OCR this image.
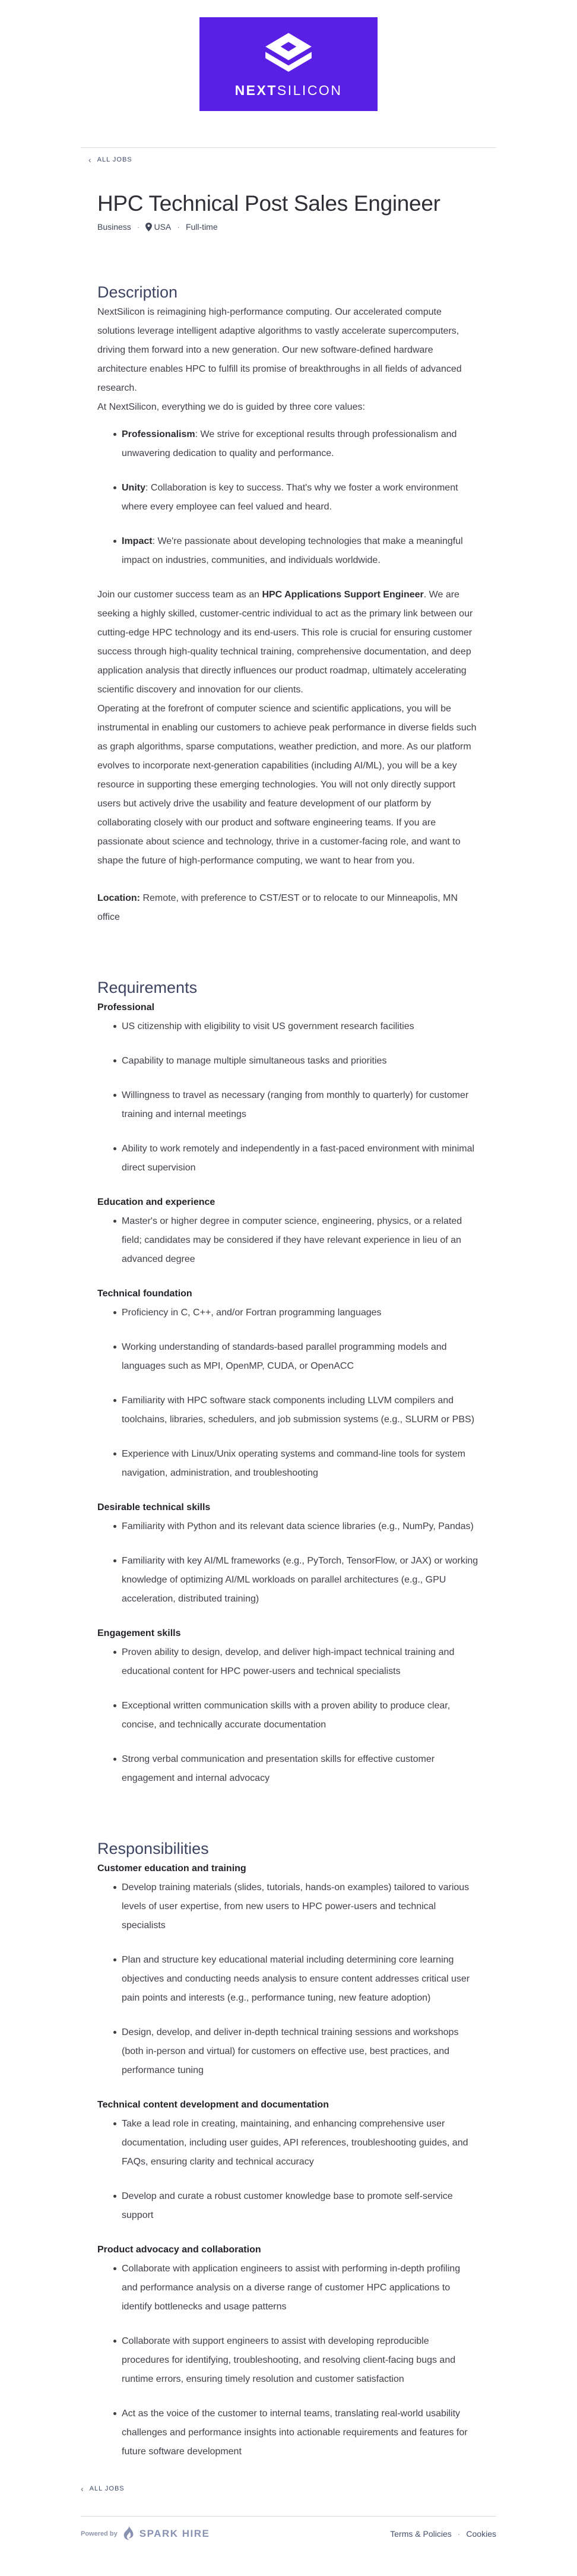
NEXTSILICON
‹ ALL JOBS
HPC Technical Post Sales Engineer
Business · USA · Full-time
Description

NextSilicon is reimagining high-performance computing. Our accelerated compute solutions leverage intelligent adaptive algorithms to vastly accelerate supercomputers, driving them forward into a new generation. Our new software-defined hardware architecture enables HPC to fulfill its promise of breakthroughs in all fields of advanced research.

At NextSilicon, everything we do is guided by three core values:

Professionalism: We strive for exceptional results through professionalism and unwavering dedication to quality and performance.
Unity: Collaboration is key to success. That's why we foster a work environment where every employee can feel valued and heard.
Impact: We're passionate about developing technologies that make a meaningful impact on industries, communities, and individuals worldwide.

Join our customer success team as an HPC Applications Support Engineer. We are seeking a highly skilled, customer-centric individual to act as the primary link between our cutting-edge HPC technology and its end-users. This role is crucial for ensuring customer success through high-quality technical training, comprehensive documentation, and deep application analysis that directly influences our product roadmap, ultimately accelerating scientific discovery and innovation for our clients.

Operating at the forefront of computer science and scientific applications, you will be instrumental in enabling our customers to achieve peak performance in diverse fields such as graph algorithms, sparse computations, weather prediction, and more. As our platform evolves to incorporate next-generation capabilities (including AI/ML), you will be a key resource in supporting these emerging technologies. You will not only directly support users but actively drive the usability and feature development of our platform by collaborating closely with our product and software engineering teams. If you are passionate about science and technology, thrive in a customer-facing role, and want to shape the future of high-performance computing, we want to hear from you.

Location: Remote, with preference to CST/EST or to relocate to our Minneapolis, MN office

Requirements
Professional
US citizenship with eligibility to visit US government research facilities
Capability to manage multiple simultaneous tasks and priorities
Willingness to travel as necessary (ranging from monthly to quarterly) for customer training and internal meetings
Ability to work remotely and independently in a fast-paced environment with minimal direct supervision
Education and experience
Master's or higher degree in computer science, engineering, physics, or a related field; candidates may be considered if they have relevant experience in lieu of an advanced degree
Technical foundation
Proficiency in C, C++, and/or Fortran programming languages
Working understanding of standards-based parallel programming models and languages such as MPI, OpenMP, CUDA, or OpenACC
Familiarity with HPC software stack components including LLVM compilers and toolchains, libraries, schedulers, and job submission systems (e.g., SLURM or PBS)
Experience with Linux/Unix operating systems and command-line tools for system navigation, administration, and troubleshooting
Desirable technical skills
Familiarity with Python and its relevant data science libraries (e.g., NumPy, Pandas)
Familiarity with key AI/ML frameworks (e.g., PyTorch, TensorFlow, or JAX) or working knowledge of optimizing AI/ML workloads on parallel architectures (e.g., GPU acceleration, distributed training)
Engagement skills
Proven ability to design, develop, and deliver high-impact technical training and educational content for HPC power-users and technical specialists
Exceptional written communication skills with a proven ability to produce clear, concise, and technically accurate documentation
Strong verbal communication and presentation skills for effective customer engagement and internal advocacy
Responsibilities
Customer education and training
Develop training materials (slides, tutorials, hands-on examples) tailored to various levels of user expertise, from new users to HPC power-users and technical specialists
Plan and structure key educational material including determining core learning objectives and conducting needs analysis to ensure content addresses critical user pain points and interests (e.g., performance tuning, new feature adoption)
Design, develop, and deliver in-depth technical training sessions and workshops (both in-person and virtual) for customers on effective use, best practices, and performance tuning
Technical content development and documentation
Take a lead role in creating, maintaining, and enhancing comprehensive user documentation, including user guides, API references, troubleshooting guides, and FAQs, ensuring clarity and technical accuracy
Develop and curate a robust customer knowledge base to promote self-service support
Product advocacy and collaboration
Collaborate with application engineers to assist with performing in-depth profiling and performance analysis on a diverse range of customer HPC applications to identify bottlenecks and usage patterns
Collaborate with support engineers to assist with developing reproducible procedures for identifying, troubleshooting, and resolving client-facing bugs and runtime errors, ensuring timely resolution and customer satisfaction
Act as the voice of the customer to internal teams, translating real-world usability challenges and performance insights into actionable requirements and features for future software development
‹ ALL JOBS
Powered by SPARK HIRE	Terms & Policies · Cookies
